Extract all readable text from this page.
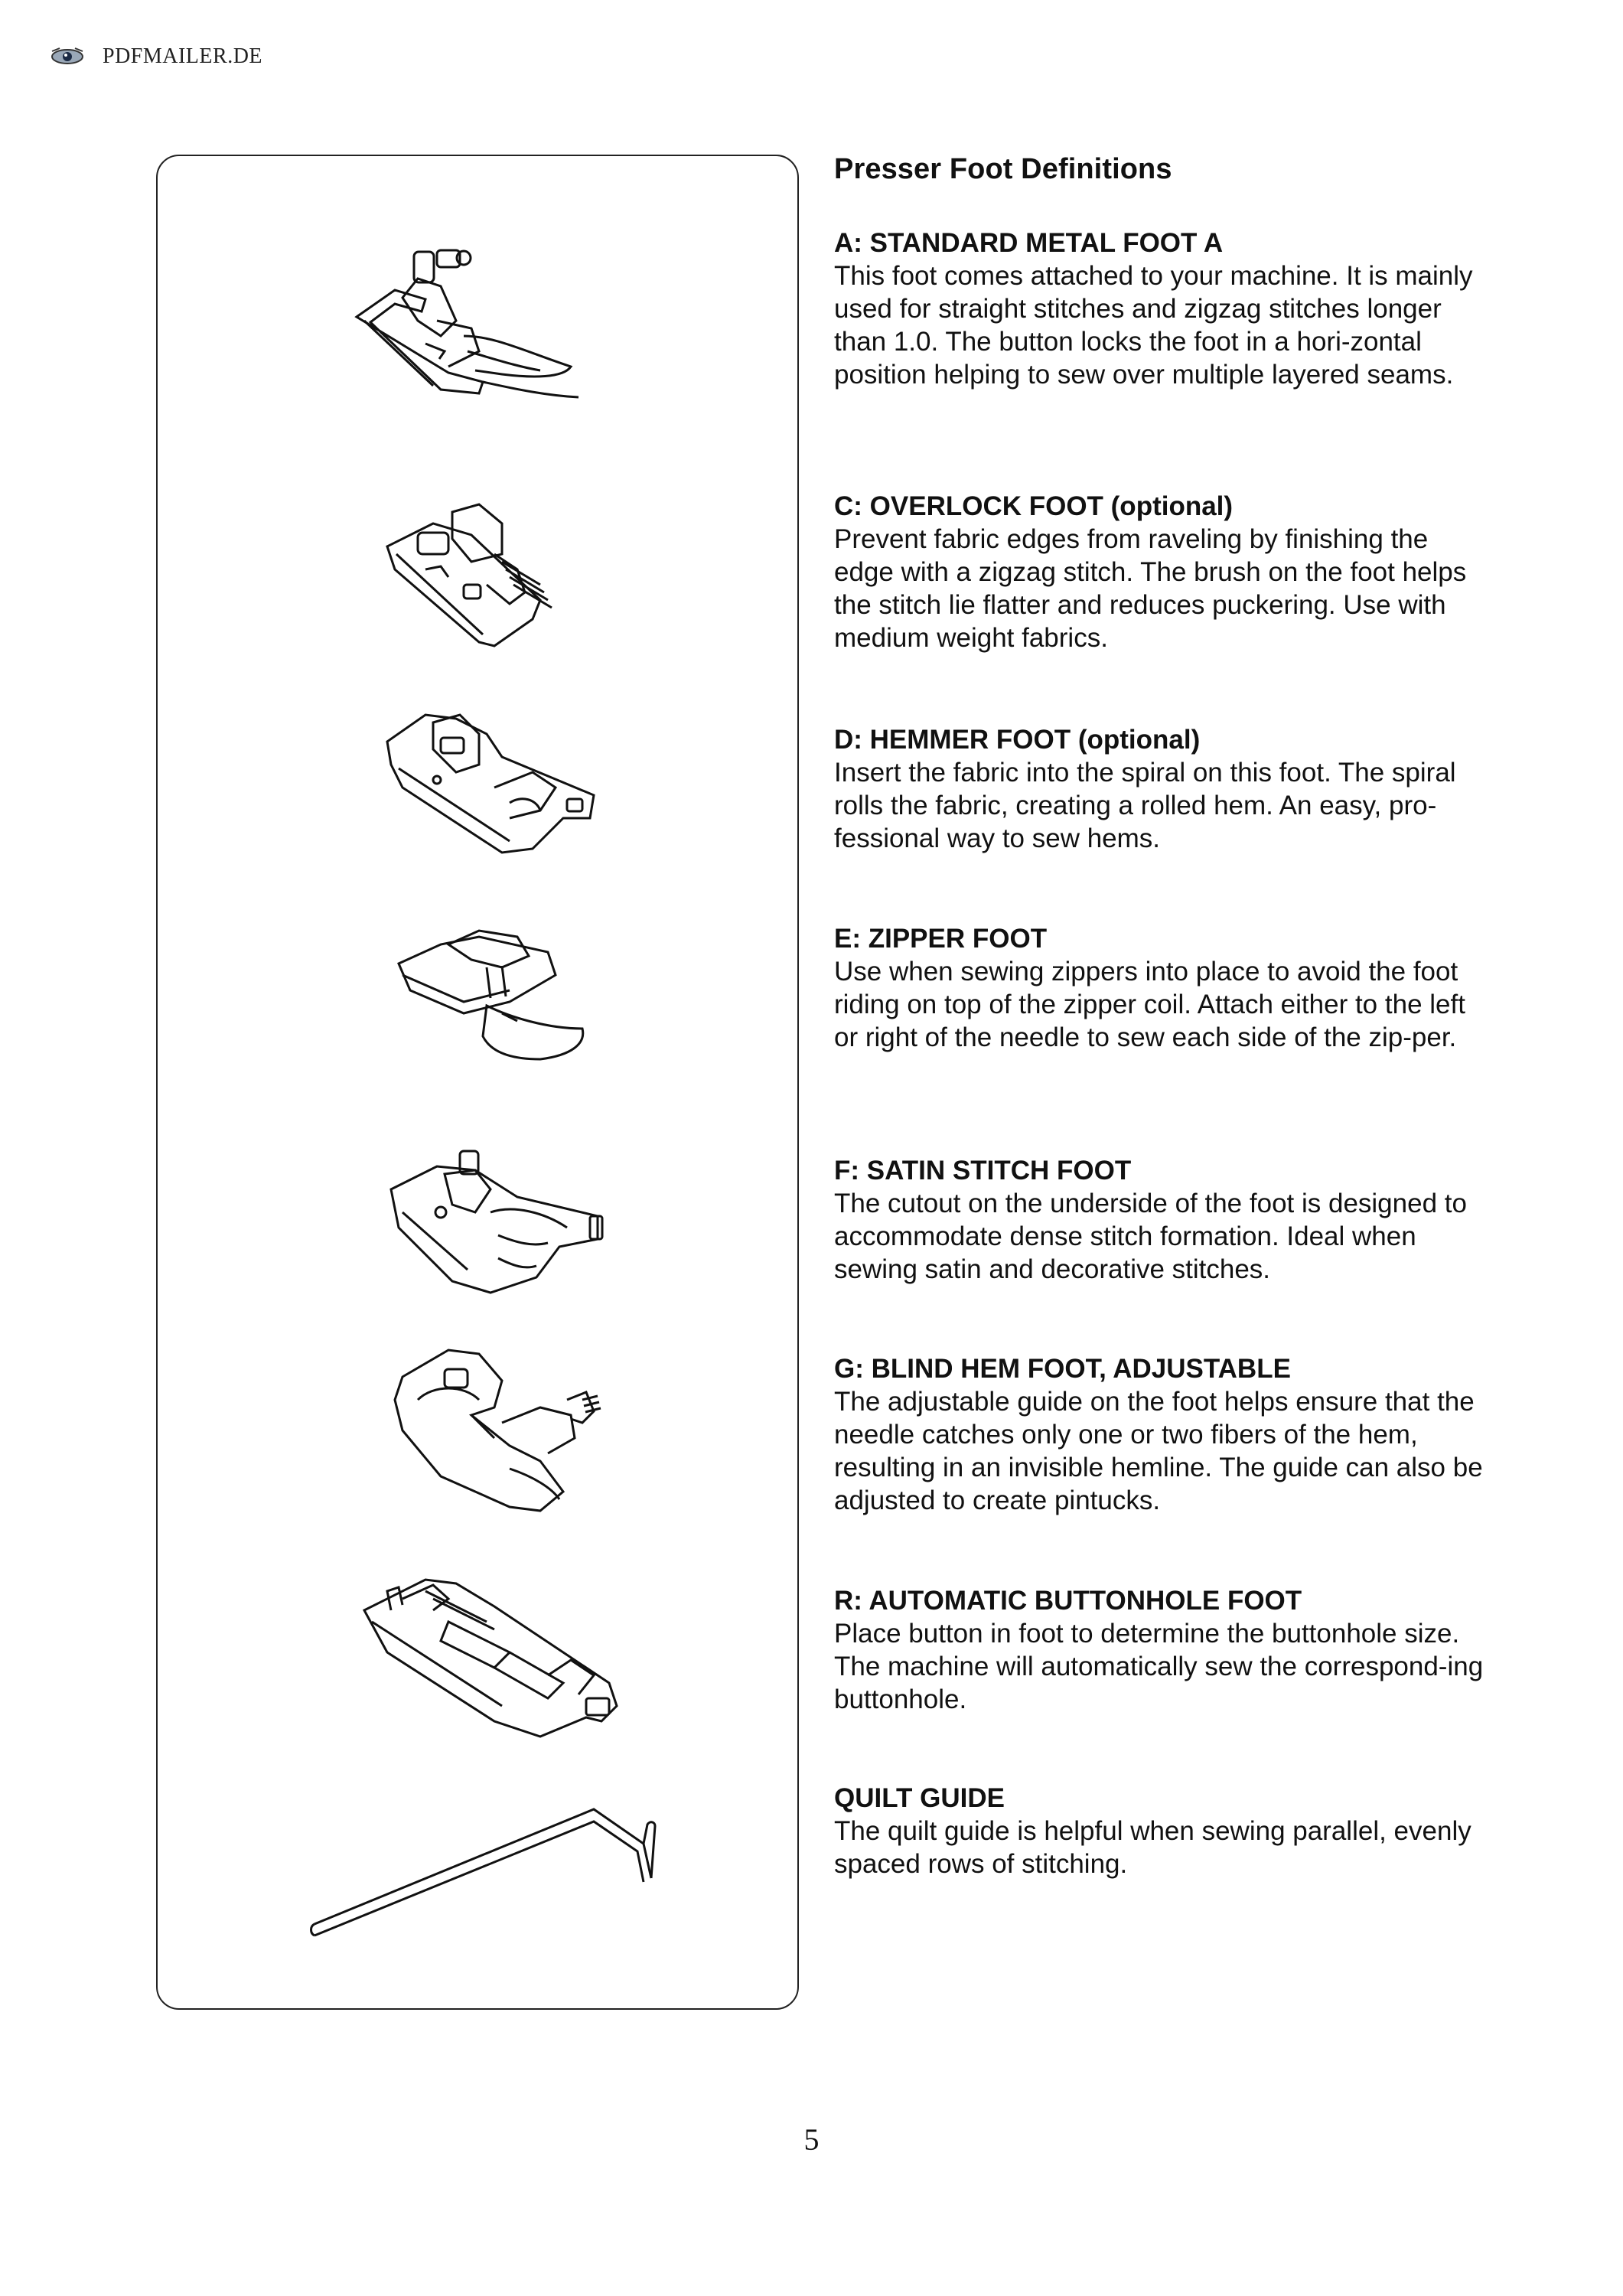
PDFMAILER.DE
Presser Foot Definitions
A: STANDARD METAL FOOT A

This foot comes attached to your machine. It is mainly used for straight stitches and zigzag stitches longer than 1.0. The button locks the foot in a hori-zontal position helping to sew over multiple layered seams.

C: OVERLOCK FOOT (optional)

Prevent fabric edges from raveling by finishing the edge with a zigzag stitch. The brush on the foot helps the stitch lie flatter and reduces puckering. Use with medium weight fabrics.

D: HEMMER FOOT (optional)

Insert the fabric into the spiral on this foot. The spiral rolls the fabric, creating a rolled hem. An easy, pro-fessional way to sew hems.

E: ZIPPER FOOT

Use when sewing zippers into place to avoid the foot riding on top of the zipper coil. Attach either to the left or right of the needle to sew each side of the zip-per.

F: SATIN STITCH FOOT

The cutout on the underside of the foot is designed to accommodate dense stitch formation. Ideal when sewing satin and decorative stitches.

G: BLIND HEM FOOT, ADJUSTABLE

The adjustable guide on the foot helps ensure that the needle catches only one or two fibers of the hem, resulting in an invisible hemline. The guide can also be adjusted to create pintucks.

R: AUTOMATIC BUTTONHOLE FOOT

Place button in foot to determine the buttonhole size. The machine will automatically sew the correspond-ing buttonhole.

QUILT GUIDE

The quilt guide is helpful when sewing parallel, evenly spaced rows of stitching.

5
